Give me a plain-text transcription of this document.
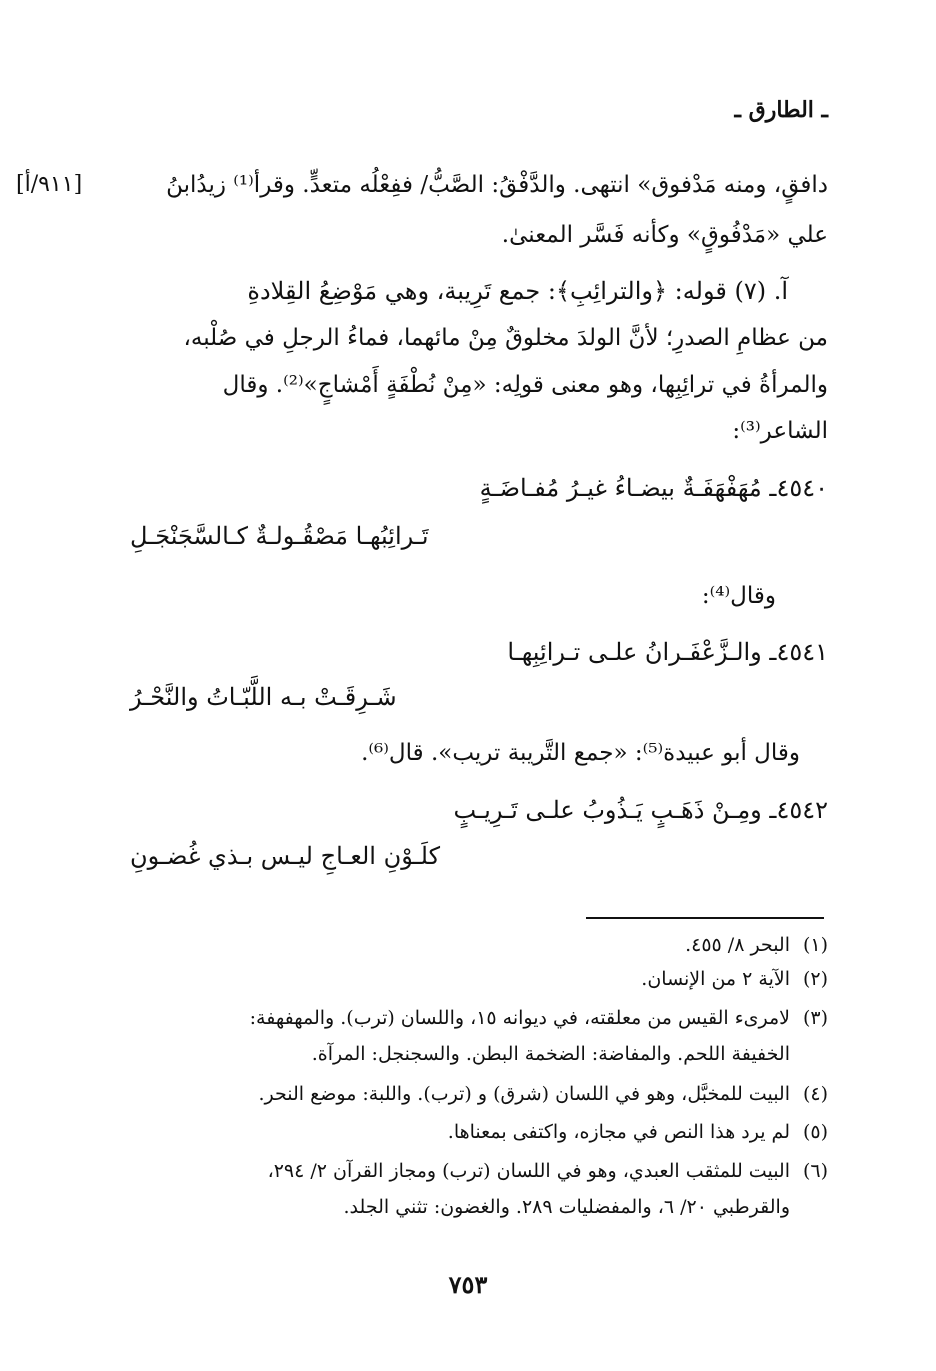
ـ الطارق ـ
[٩١١/أ]	دافقٍ، ومنه مَدْفوق» انتهى. والدَّفْقُ: الصَّبُّ/ ففِعْلُه متعدٍّ. وقرأ⁽¹⁾ زيدُابنُ
علي «مَدْفُوقٍ» وكأنه فَسَّر المعنىٰ.
آ. (٧) قوله: ﴿والترائِبِ﴾: جمع تَرِيبة، وهي مَوْضِعُ القِلادةِ
من عظامِ الصدرِ؛ لأنَّ الولدَ مخلوقٌ مِنْ مائهما، فماءُ الرجلِ في صُلْبه،
والمرأةُ في ترائِبِها، وهو معنى قولِه: «مِنْ نُطْفَةٍ أَمْشاجٍ»⁽²⁾. وقال
الشاعر⁽³⁾:
٤٥٤٠ـ مُهَفْهَفَـةٌ بيضـاءُ غيـرُ مُفـاضَـةٍ
تَـرائِبُهـا مَصْقُـولـةٌ كـالسَّجَنْجَـلِ
وقال⁽⁴⁾:
٤٥٤١ـ والـزَّعْفَـرانُ علـى تـرائِبِهـا
شَـرِقَـتْ بـه اللَّبّـاتُ والنَّحْـرُ
وقال أبو عبيدة⁽⁵⁾: «جمع التَّريبة تريب». قال⁽⁶⁾.
٤٥٤٢ـ ومِـنْ ذَهَـبٍ يَـذُوبُ علـى تَـرِيـبٍ
كلَـوْنِ العـاجِ ليـس بـذي غُضـونِ
(١)البحر ٨/ ٤٥٥.
(٢)الآية ٢ من الإنسان.
(٣)لامرىء القيس من معلقته، في ديوانه ١٥، واللسان (ترب). والمهفهفة:
الخفيفة اللحم. والمفاضة: الضخمة البطن. والسجنجل: المرآة.
(٤)البيت للمخبَّل، وهو في اللسان (شرق) و (ترب). واللبة: موضع النحر.
(٥)لم يرد هذا النص في مجازه، واكتفى بمعناها.
(٦)البيت للمثقب العبدي، وهو في اللسان (ترب) ومجاز القرآن ٢/ ٢٩٤،
والقرطبي ٢٠/ ٦، والمفضليات ٢٨٩. والغضون: تثني الجلد.
٧٥٣
